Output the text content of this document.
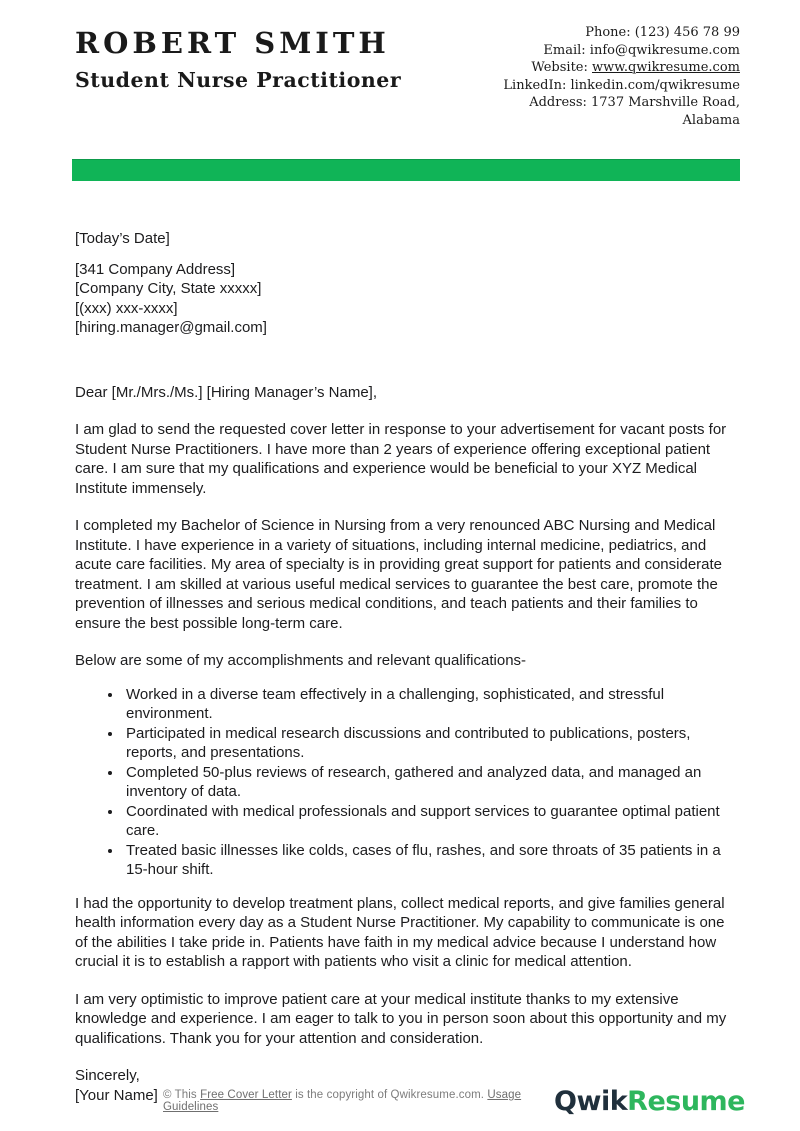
ROBERT SMITH
Student Nurse Practitioner
Phone: (123) 456 78 99
Email: info@qwikresume.com
Website: www.qwikresume.com
LinkedIn: linkedin.com/qwikresume
Address: 1737 Marshville Road,
Alabama
[Today’s Date]
[341 Company Address]
[Company City, State xxxxx]
[(xxx) xxx-xxxx]
[hiring.manager@gmail.com]
Dear [Mr./Mrs./Ms.] [Hiring Manager’s Name],
I am glad to send the requested cover letter in response to your advertisement for vacant posts for Student Nurse Practitioners. I have more than 2 years of experience offering exceptional patient care. I am sure that my qualifications and experience would be beneficial to your XYZ Medical Institute immensely.
I completed my Bachelor of Science in Nursing from a very renounced ABC Nursing and Medical Institute. I have experience in a variety of situations, including internal medicine, pediatrics, and acute care facilities. My area of specialty is in providing great support for patients and considerate treatment. I am skilled at various useful medical services to guarantee the best care, promote the prevention of illnesses and serious medical conditions, and teach patients and their families to ensure the best possible long-term care.
Below are some of my accomplishments and relevant qualifications-
• Worked in a diverse team effectively in a challenging, sophisticated, and stressful environment.
• Participated in medical research discussions and contributed to publications, posters, reports, and presentations.
• Completed 50-plus reviews of research, gathered and analyzed data, and managed an inventory of data.
• Coordinated with medical professionals and support services to guarantee optimal patient care.
• Treated basic illnesses like colds, cases of flu, rashes, and sore throats of 35 patients in a 15-hour shift.
I had the opportunity to develop treatment plans, collect medical reports, and give families general health information every day as a Student Nurse Practitioner. My capability to communicate is one of the abilities I take pride in. Patients have faith in my medical advice because I understand how crucial it is to establish a rapport with patients who visit a clinic for medical attention.
I am very optimistic to improve patient care at your medical institute thanks to my extensive knowledge and experience. I am eager to talk to you in person soon about this opportunity and my qualifications. Thank you for your attention and consideration.
Sincerely,
[Your Name] © This Free Cover Letter is the copyright of Qwikresume.com. Usage Guidelines	QwikResume
